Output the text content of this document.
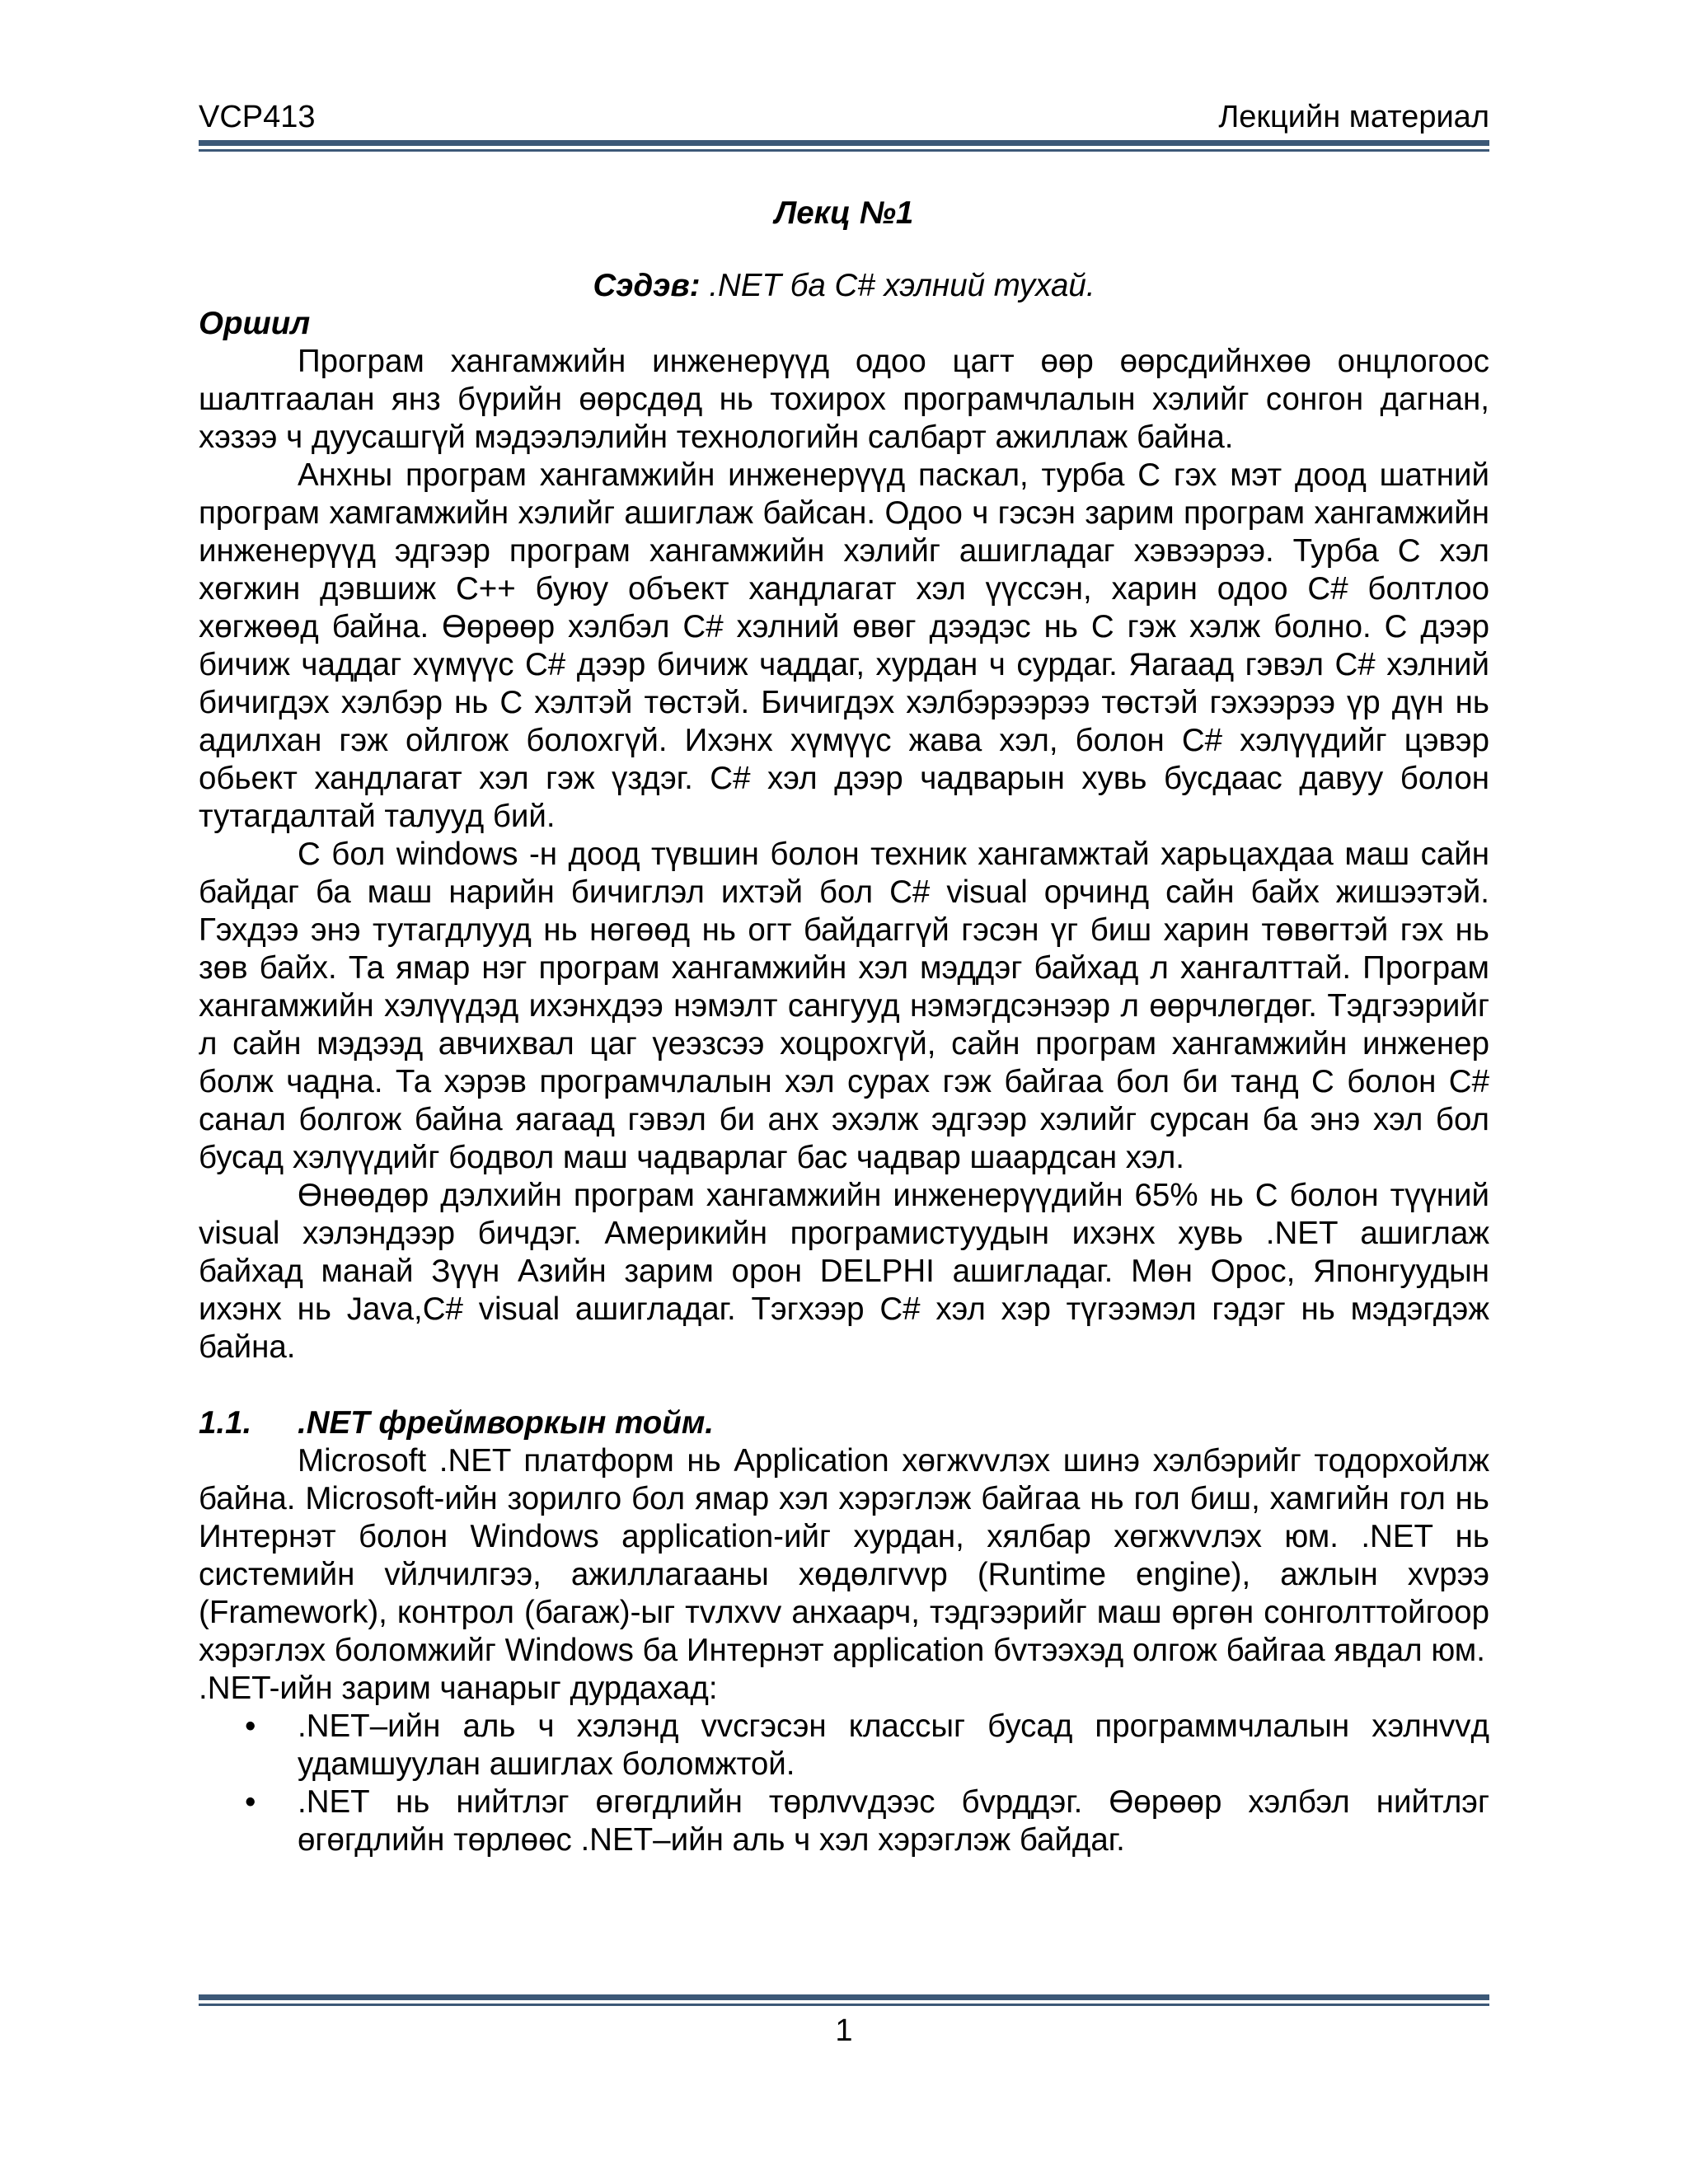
VCP413	Лекцийн материал
Лекц №1
Сэдэв: .NET ба C# хэлний тухай.
Оршил

Програм хангамжийн инженерүүд одоо цагт өөр өөрсдийнхөө онцлогоос шалтгаалан янз бүрийн өөрсдөд нь тохирох програмчлалын хэлийг сонгон дагнан, хэзээ ч дуусашгүй мэдээлэлийн технологийн салбарт ажиллаж байна.

Анхны програм хангамжийн инженерүүд паскал, турба С гэх мэт доод шатний програм хамгамжийн хэлийг ашиглаж байсан. Одоо ч гэсэн зарим програм хангамжийн инженерүүд эдгээр програм хангамжийн хэлийг ашигладаг хэвээрээ. Турба С хэл хөгжин дэвшиж C++ буюу объект хандлагат хэл үүссэн, харин одоо C# болтлоо хөгжөөд байна. Өөрөөр хэлбэл C# хэлний өвөг дээдэс нь С гэж хэлж болно. С дээр бичиж чаддаг хүмүүс C# дээр бичиж чаддаг, хурдан ч сурдаг. Яагаад гэвэл C# хэлний бичигдэх хэлбэр нь С хэлтэй төстэй. Бичигдэх хэлбэрээрээ төстэй гэхээрээ үр дүн нь адилхан гэж ойлгож болохгүй. Ихэнх хүмүүс жава хэл, болон C# хэлүүдийг цэвэр обьект хандлагат хэл гэж үздэг. C# хэл дээр чадварын хувь бусдаас давуу болон тутагдалтай талууд бий.

С бол windows -н доод түвшин болон техник хангамжтай харьцахдаа маш сайн байдаг ба маш нарийн бичиглэл ихтэй бол C# visual орчинд сайн байх жишээтэй. Гэхдээ энэ тутагдлууд нь нөгөөд нь огт байдаггүй гэсэн үг биш харин төвөгтэй гэх нь зөв байх. Та ямар нэг програм хангамжийн хэл мэддэг байхад л хангалттай. Програм хангамжийн хэлүүдэд ихэнхдээ нэмэлт сангууд нэмэгдсэнээр л өөрчлөгдөг. Тэдгээрийг л сайн мэдээд авчихвал цаг үеэзсээ хоцрохгүй, сайн програм хангамжийн инженер болж чадна. Та хэрэв програмчлалын хэл сурах гэж байгаа бол би танд С болон C# санал болгож байна яагаад гэвэл би анх эхэлж эдгээр хэлийг сурсан ба энэ хэл бол бусад хэлүүдийг бодвол маш чадварлаг бас чадвар шаардсан хэл.

Өнөөдөр дэлхийн програм хангамжийн инженерүүдийн 65% нь С болон түүний visual хэлэндээр бичдэг. Америкийн програмистуудын ихэнх хувь .NET ашиглаж байхад манай Зүүн Азийн зарим орон DELPHI ашигладаг. Мөн Орос, Японгуудын ихэнх нь Java,C# visual ашигладаг. Тэгхээр C# хэл хэр түгээмэл гэдэг нь мэдэгдэж байна.

1.1.	.NET фреймворкын тойм.

Microsoft .NET платформ нь Application хөгжvvлэх шинэ хэлбэрийг тодорхойлж байна. Microsoft-ийн зорилго бол ямар хэл хэрэглэж байгаа нь гол биш, хамгийн гол нь Интернэт болон Windows application-ийг хурдан, хялбар хөгжvvлэх юм. .NET нь системийн vйлчилгээ, ажиллагааны хөдөлгvvр (Runtime engine), ажлын хvрээ (Framework), контрол (багаж)-ыг тvлхvv анхаарч, тэдгээрийг маш өргөн сонголттойгоор хэрэглэх боломжийг Windows ба Интернэт application бvтээхэд олгож байгаа явдал юм.

.NET-ийн зарим чанарыг дурдахад:

• .NET–ийн аль ч хэлэнд vvсгэсэн классыг бусад программчлалын хэлнvvд удамшуулан ашиглах боломжтой.
• .NET нь нийтлэг өгөгдлийн төрлvvдээс бvрддэг. Өөрөөр хэлбэл нийтлэг өгөгдлийн төрлөөс .NET–ийн аль ч хэл хэрэглэж байдаг.
1
